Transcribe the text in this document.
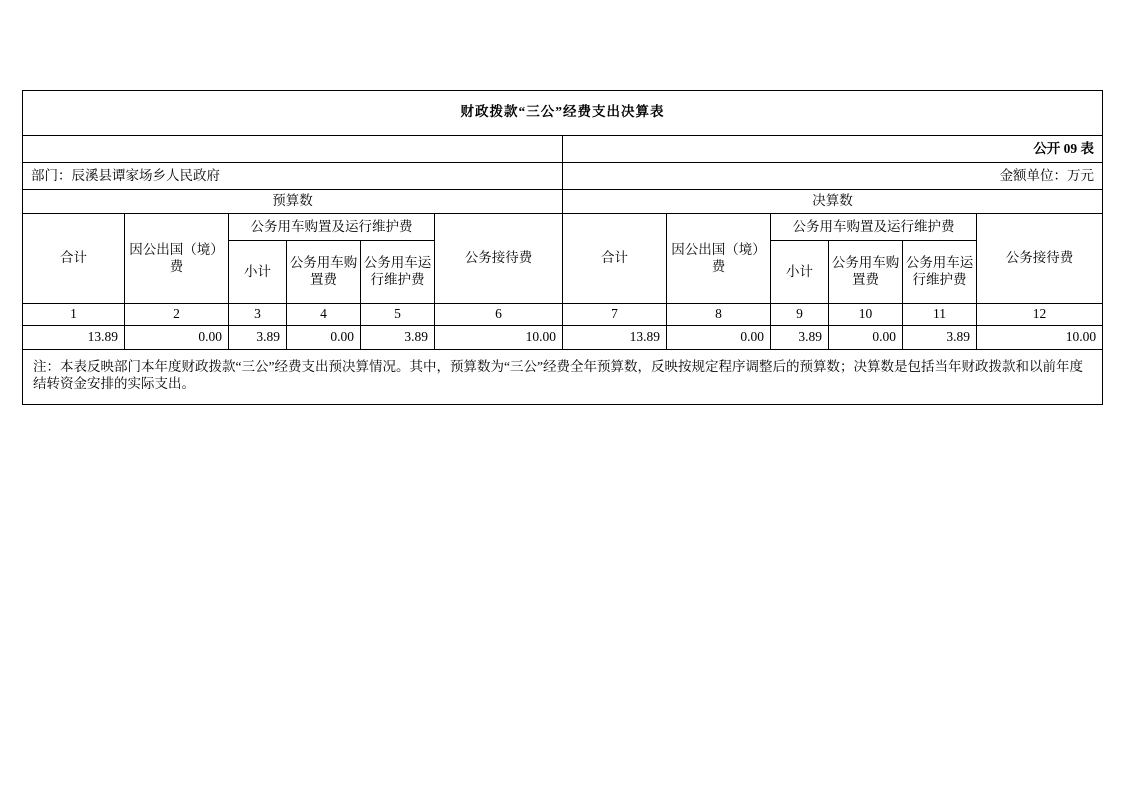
财政拨款“三公”经费支出决算表											
						公开 09 表					
部门：辰溪县谭家场乡人民政府						金额单位：万元					
预算数						决算数					
合计	因公出国（境）费	公务用车购置及运行维护费			公务接待费	合计	因公出国（境）费	公务用车购置及运行维护费			公务接待费
		小计	公务用车购置费	公务用车运行维护费				小计	公务用车购置费	公务用车运行维护费	
1	2	3	4	5	6	7	8	9	10	11	12
13.89	0.00	3.89	0.00	3.89	10.00	13.89	0.00	3.89	0.00	3.89	10.00
注：本表反映部门本年度财政拨款“三公”经费支出预决算情况。其中，预算数为“三公”经费全年预算数，反映按规定程序调整后的预算数；决算数是包括当年财政拨款和以前年度结转资金安排的实际支出。											
